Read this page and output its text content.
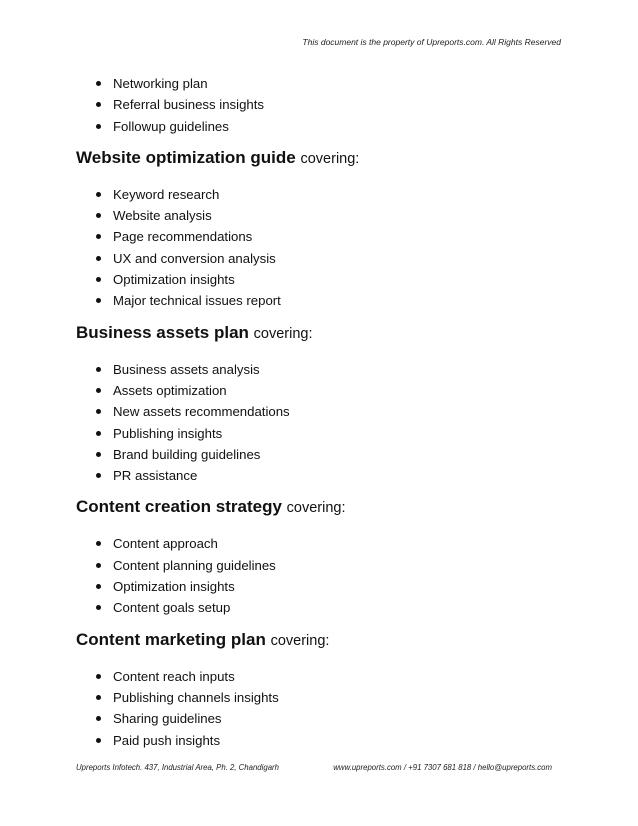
This document is the property of Upreports.com. All Rights Reserved
Networking plan
Referral business insights
Followup guidelines
Website optimization guide covering:
Keyword research
Website analysis
Page recommendations
UX and conversion analysis
Optimization insights
Major technical issues report
Business assets plan covering:
Business assets analysis
Assets optimization
New assets recommendations
Publishing insights
Brand building guidelines
PR assistance
Content creation strategy covering:
Content approach
Content planning guidelines
Optimization insights
Content goals setup
Content marketing plan covering:
Content reach inputs
Publishing channels insights
Sharing guidelines
Paid push insights
Upreports Infotech. 437, Industrial Area, Ph. 2, Chandigarh	www.upreports.com / +91 7307 681 818 / hello@upreports.com
